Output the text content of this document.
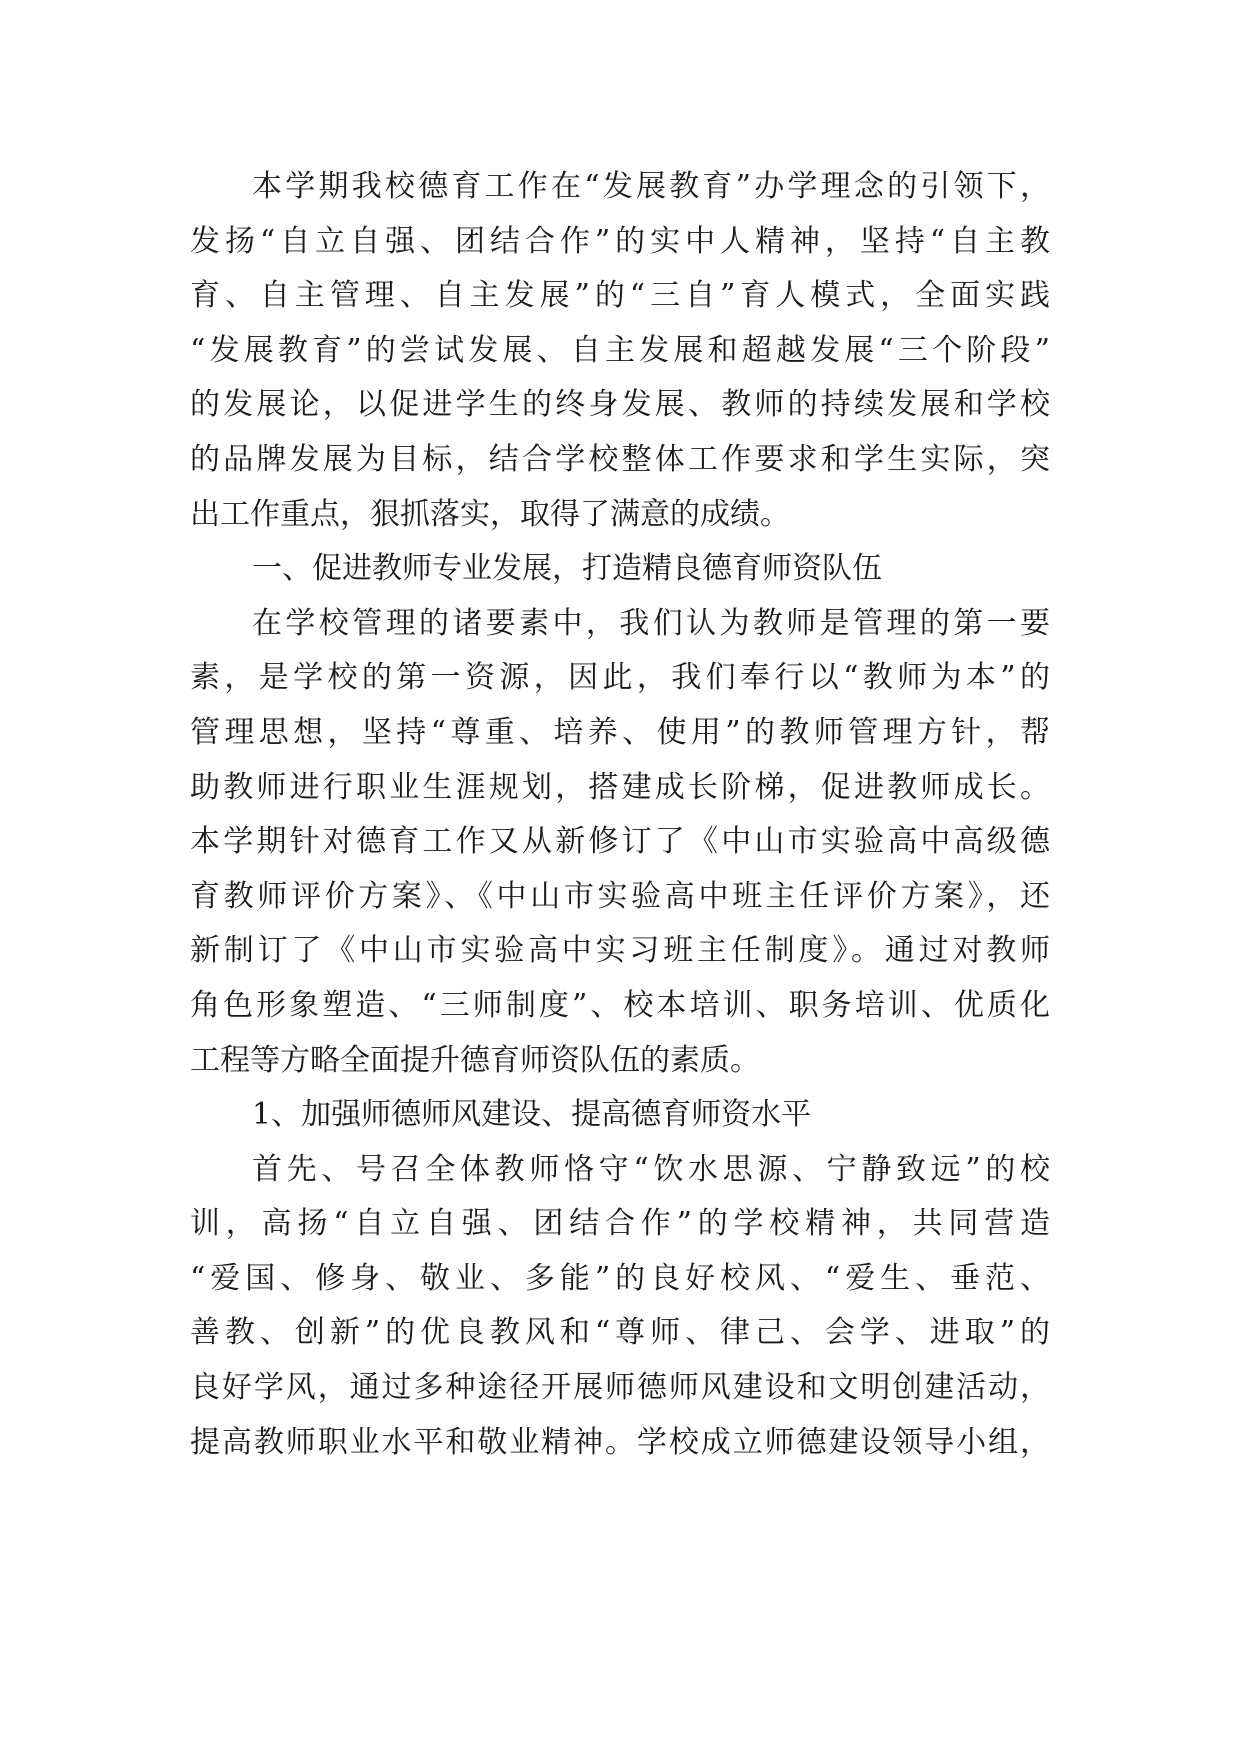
本学期我校德育工作在“发展教育”办学理念的引领下，
发扬“自立自强、团结合作”的实中人精神，坚持“自主教
育、自主管理、自主发展”的“三自”育人模式，全面实践
“发展教育”的尝试发展、自主发展和超越发展“三个阶段”
的发展论，以促进学生的终身发展、教师的持续发展和学校
的品牌发展为目标，结合学校整体工作要求和学生实际，突
出工作重点，狠抓落实，取得了满意的成绩。
一、促进教师专业发展，打造精良德育师资队伍
在学校管理的诸要素中，我们认为教师是管理的第一要
素，是学校的第一资源，因此，我们奉行以“教师为本”的
管理思想，坚持“尊重、培养、使用”的教师管理方针，帮
助教师进行职业生涯规划，搭建成长阶梯，促进教师成长。
本学期针对德育工作又从新修订了《中山市实验高中高级德
育教师评价方案》、《中山市实验高中班主任评价方案》，还
新制订了《中山市实验高中实习班主任制度》。通过对教师
角色形象塑造、“三师制度”、校本培训、职务培训、优质化
工程等方略全面提升德育师资队伍的素质。
1、加强师德师风建设、提高德育师资水平
首先、号召全体教师恪守“饮水思源、宁静致远”的校
训，高扬“自立自强、团结合作”的学校精神，共同营造
“爱国、修身、敬业、多能”的良好校风、“爱生、垂范、
善教、创新”的优良教风和“尊师、律己、会学、进取”的
良好学风，通过多种途径开展师德师风建设和文明创建活动，
提高教师职业水平和敬业精神。学校成立师德建设领导小组，
